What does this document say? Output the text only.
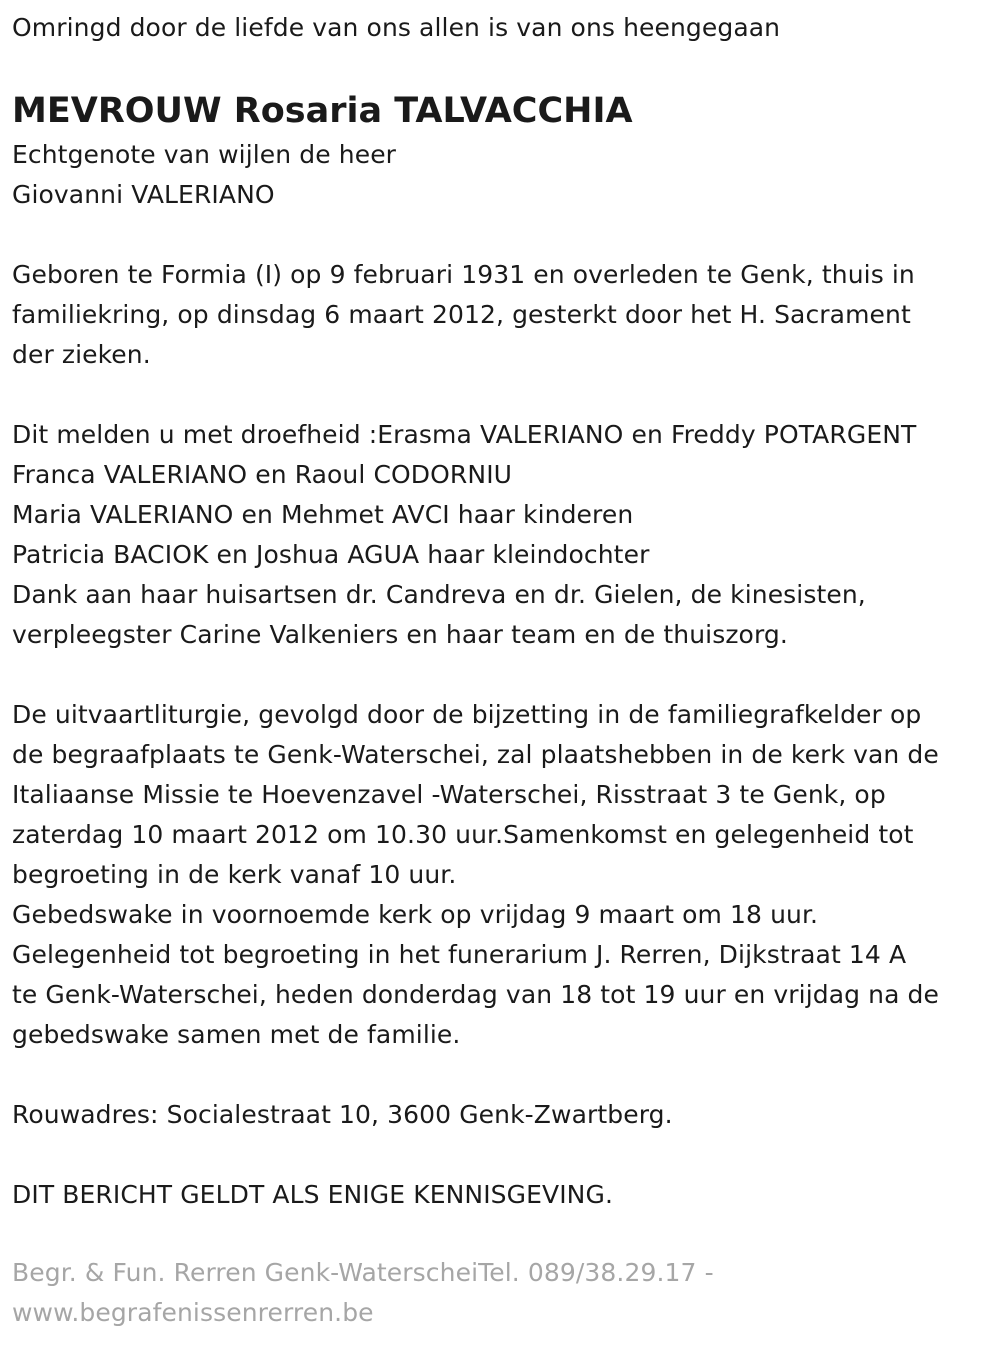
Omringd door de liefde van ons allen is van ons heengegaan
MEVROUW Rosaria TALVACCHIA
Echtgenote van wijlen de heer
Giovanni VALERIANO
Geboren te Formia (I) op 9 februari 1931 en overleden te Genk, thuis in
familiekring, op dinsdag 6 maart 2012, gesterkt door het H. Sacrament
der zieken.
Dit melden u met droefheid :Erasma VALERIANO en Freddy POTARGENT
Franca VALERIANO en Raoul CODORNIU
Maria VALERIANO en Mehmet AVCI haar kinderen
Patricia BACIOK en Joshua AGUA haar kleindochter
Dank aan haar huisartsen dr. Candreva en dr. Gielen, de kinesisten,
verpleegster Carine Valkeniers en haar team en de thuiszorg.
De uitvaartliturgie, gevolgd door de bijzetting in de familiegrafkelder op
de begraafplaats te Genk-Waterschei, zal plaatshebben in de kerk van de
Italiaanse Missie te Hoevenzavel -Waterschei, Risstraat 3 te Genk, op
zaterdag 10 maart 2012 om 10.30 uur.Samenkomst en gelegenheid tot
begroeting in de kerk vanaf 10 uur.
Gebedswake in voornoemde kerk op vrijdag 9 maart om 18 uur.
Gelegenheid tot begroeting in het funerarium J. Rerren, Dijkstraat 14 A
te Genk-Waterschei, heden donderdag van 18 tot 19 uur en vrijdag na de
gebedswake samen met de familie.
Rouwadres: Socialestraat 10, 3600 Genk-Zwartberg.
DIT BERICHT GELDT ALS ENIGE KENNISGEVING.
Begr. & Fun. Rerren Genk-WaterscheiTel. 089/38.29.17 -
www.begrafenissenrerren.be
